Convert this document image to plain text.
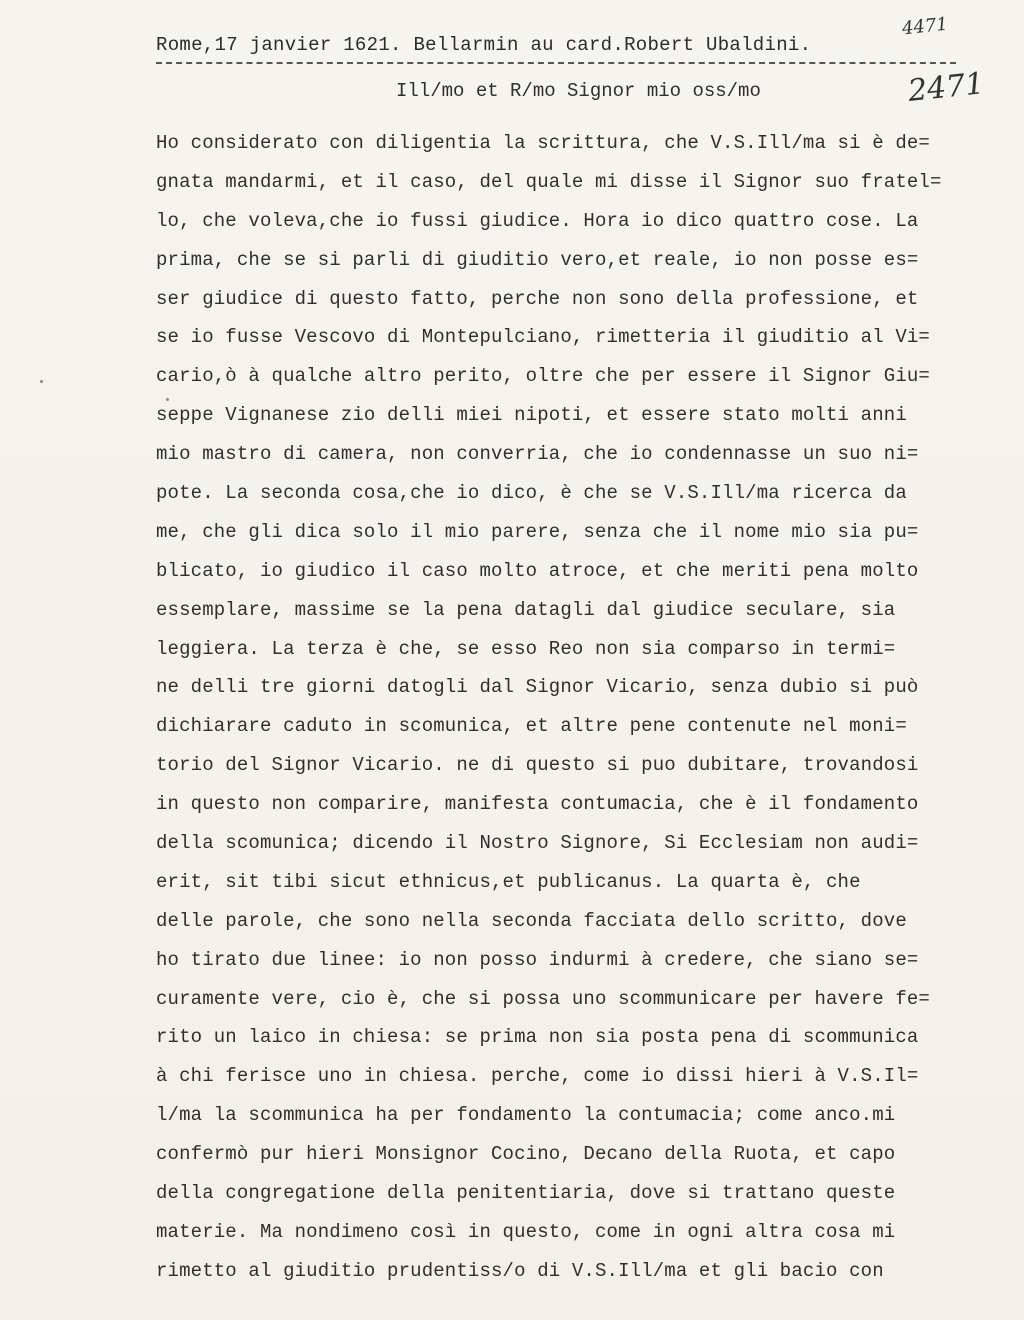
Rome,17 janvier 1621. Bellarmin au card.Robert Ubaldini.
4471
2471
Ill/mo et R/mo Signor mio oss/mo
Ho considerato con diligentia la scrittura, che V.S.Ill/ma si è de=
gnata mandarmi, et il caso, del quale mi disse il Signor suo fratel=
lo, che voleva,che io fussi giudice. Hora io dico quattro cose. La
prima, che se si parli di giuditio vero,et reale, io non posse es=
ser giudice di questo fatto, perche non sono della professione, et
se io fusse Vescovo di Montepulciano, rimetteria il giuditio al Vi=
cario,ò à qualche altro perito, oltre che per essere il Signor Giu=
seppe Vignanese zio delli miei nipoti, et essere stato molti anni
mio mastro di camera, non converria, che io condennasse un suo ni=
pote. La seconda cosa,che io dico, è che se V.S.Ill/ma ricerca da
me, che gli dica solo il mio parere, senza che il nome mio sia pu=
blicato, io giudico il caso molto atroce, et che meriti pena molto
essemplare, massime se la pena datagli dal giudice seculare, sia
leggiera. La terza è che, se esso Reo non sia comparso in termi=
ne delli tre giorni datogli dal Signor Vicario, senza dubio si può
dichiarare caduto in scomunica, et altre pene contenute nel moni=
torio del Signor Vicario. ne di questo si puo dubitare, trovandosi
in questo non comparire, manifesta contumacia, che è il fondamento
della scomunica; dicendo il Nostro Signore, Si Ecclesiam non audi=
erit, sit tibi sicut ethnicus,et publicanus. La quarta è, che
delle parole, che sono nella seconda facciata dello scritto, dove
ho tirato due linee: io non posso indurmi à credere, che siano se=
curamente vere, cio è, che si possa uno scommunicare per havere fe=
rito un laico in chiesa: se prima non sia posta pena di scommunica
à chi ferisce uno in chiesa. perche, come io dissi hieri à V.S.Il=
l/ma la scommunica ha per fondamento la contumacia; come anco.mi
confermò pur hieri Monsignor Cocino, Decano della Ruota, et capo
della congregatione della penitentiaria, dove si trattano queste
materie. Ma nondimeno così in questo, come in ogni altra cosa mi
rimetto al giuditio prudentiss/o di V.S.Ill/ma et gli bacio con
